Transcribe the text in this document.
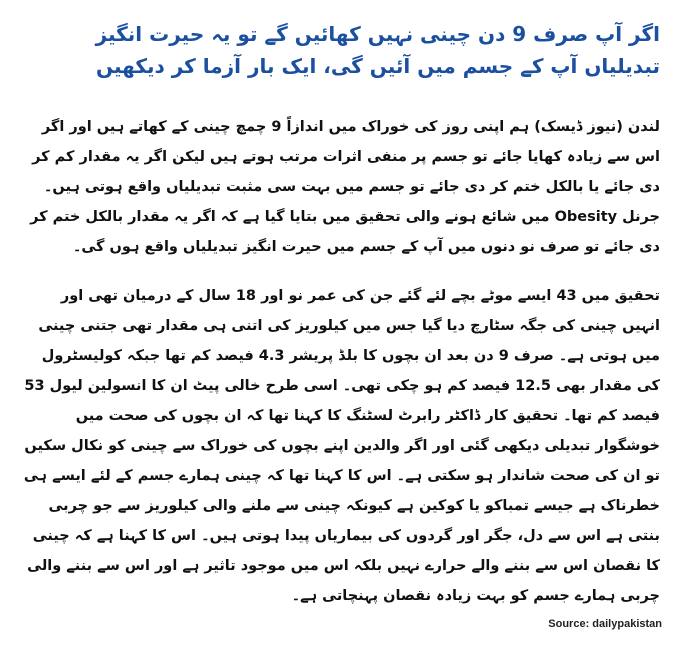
اگر آپ صرف 9 دن چینی نہیں کھائیں گے تو یہ حیرت انگیز تبدیلیاں آپ کے جسم میں آئیں گی، ایک بار آزما کر دیکھیں

لندن (نیوز ڈیسک) ہم اپنی روز کی خوراک میں اندازاً 9 چمچ چینی کے کھاتے ہیں اور اگر اس سے زیادہ کھایا جائے تو جسم پر منفی اثرات مرتب ہوتے ہیں لیکن اگر یہ مقدار کم کر دی جائے یا بالکل ختم کر دی جائے تو جسم میں بہت سی مثبت تبدیلیاں واقع ہوتی ہیں۔ جرنل Obesity میں شائع ہونے والی تحقیق میں بتایا گیا ہے کہ اگر یہ مقدار بالکل ختم کر دی جائے تو صرف نو دنوں میں آپ کے جسم میں حیرت انگیز تبدیلیاں واقع ہوں گی۔

تحقیق میں 43 ایسے موٹے بچے لئے گئے جن کی عمر نو اور 18 سال کے درمیان تھی اور انہیں چینی کی جگہ سٹارچ دیا گیا جس میں کیلوریز کی اتنی ہی مقدار تھی جتنی چینی میں ہوتی ہے۔ صرف 9 دن بعد ان بچوں کا بلڈ پریشر 4.3 فیصد کم تھا جبکہ کولیسٹرول کی مقدار بھی 12.5 فیصد کم ہو چکی تھی۔ اسی طرح خالی پیٹ ان کا انسولین لیول 53 فیصد کم تھا۔ تحقیق کار ڈاکٹر رابرٹ لسٹنگ کا کہنا تھا کہ ان بچوں کی صحت میں خوشگوار تبدیلی دیکھی گئی اور اگر والدین اپنے بچوں کی خوراک سے چینی کو نکال سکیں تو ان کی صحت شاندار ہو سکتی ہے۔ اس کا کہنا تھا کہ چینی ہمارے جسم کے لئے ایسے ہی خطرناک ہے جیسے تمباکو یا کوکین ہے کیونکہ چینی سے ملنے والی کیلوریز سے جو چربی بنتی ہے اس سے دل، جگر اور گردوں کی بیماریاں پیدا ہوتی ہیں۔ اس کا کہنا ہے کہ چینی کا نقصان اس سے بننے والے حرارے نہیں بلکہ اس میں موجود تاثیر ہے اور اس سے بننے والی چربی ہمارے جسم کو بہت زیادہ نقصان پہنچاتی ہے۔

Source: dailypakistan
